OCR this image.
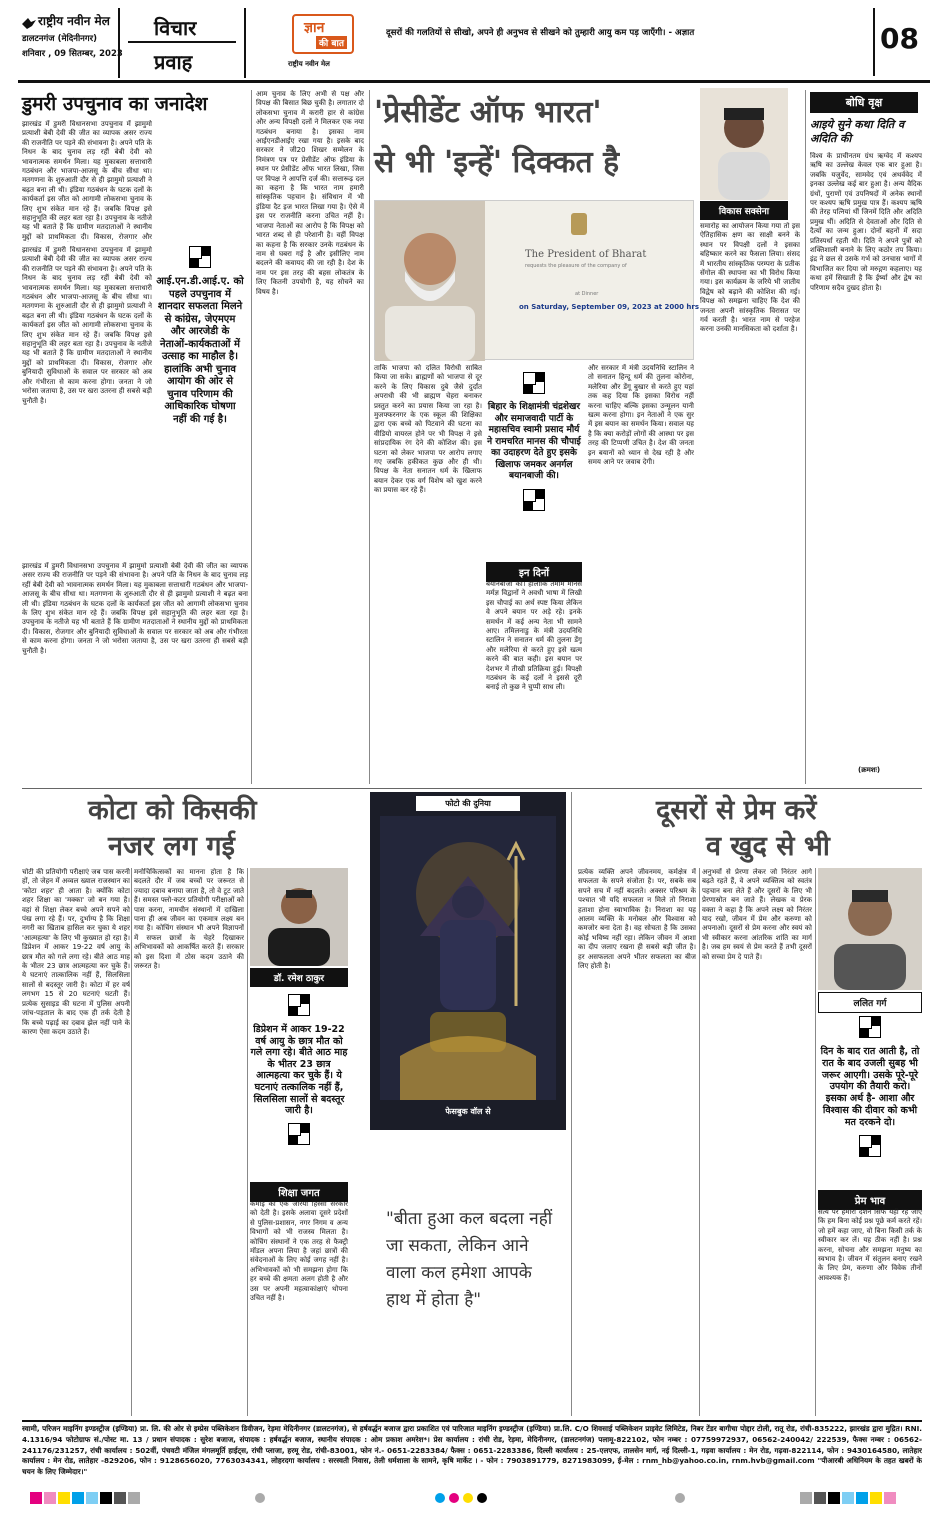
राष्ट्रीय नवीन मेल
डालटनगंज (मेदिनीनगर)
शनिवार , 09 सितम्बर, 2023
विचार
प्रवाह
ज्ञान
की बात
राष्ट्रीय नवीन मेल
दूसरों की गलतियों से सीखो, अपने ही अनुभव से सीखने को तुम्हारी आयु कम पड़ जाएँगी। - अज्ञात	08
डुमरी उपचुनाव का जनादेश
झारखंड में डुमरी विधानसभा उपचुनाव में झामुमो प्रत्याशी बेबी देवी की जीत का व्यापक असर राज्य की राजनीति पर पड़ने की संभावना है। अपने पति के निधन के बाद चुनाव लड़ रहीं बेबी देवी को भावनात्मक समर्थन मिला। यह मुकाबला सत्ताधारी गठबंधन और भाजपा-आजसू के बीच सीधा था। मतगणना के शुरुआती दौर से ही झामुमो प्रत्याशी ने बढ़त बना ली थी। इंडिया गठबंधन के घटक दलों के कार्यकर्ता इस जीत को आगामी लोकसभा चुनाव के लिए शुभ संकेत मान रहे हैं। जबकि विपक्ष इसे सहानुभूति की लहर बता रहा है। उपचुनाव के नतीजे यह भी बताते हैं कि ग्रामीण मतदाताओं ने स्थानीय मुद्दों को प्राथमिकता दी। विकास, रोजगार और
आई.एन.डी.आई.ए. को पहले उपचुनाव में शानदार सफलता मिलने से कांग्रेस, जेएमएम और आरजेडी के नेताओं-कार्यकताओं में उत्साह का माहौल है। हालांकि अभी चुनाव आयोग की ओर से चुनाव परिणाम की आधिकारिक घोषणा नहीं की गई है।
झारखंड में डुमरी विधानसभा उपचुनाव में झामुमो प्रत्याशी बेबी देवी की जीत का व्यापक असर राज्य की राजनीति पर पड़ने की संभावना है। अपने पति के निधन के बाद चुनाव लड़ रहीं बेबी देवी को भावनात्मक समर्थन मिला। यह मुकाबला सत्ताधारी गठबंधन और भाजपा-आजसू के बीच सीधा था। मतगणना के शुरुआती दौर से ही झामुमो प्रत्याशी ने बढ़त बना ली थी। इंडिया गठबंधन के घटक दलों के कार्यकर्ता इस जीत को आगामी लोकसभा चुनाव के लिए शुभ संकेत मान रहे हैं। जबकि विपक्ष इसे सहानुभूति की लहर बता रहा है। उपचुनाव के नतीजे यह भी बताते हैं कि ग्रामीण मतदाताओं ने स्थानीय मुद्दों को प्राथमिकता दी। विकास, रोजगार और बुनियादी सुविधाओं के सवाल पर सरकार को अब और गंभीरता से काम करना होगा। जनता ने जो भरोसा जताया है, उस पर खरा उतरना ही सबसे बड़ी चुनौती है।
झारखंड में डुमरी विधानसभा उपचुनाव में झामुमो प्रत्याशी बेबी देवी की जीत का व्यापक असर राज्य की राजनीति पर पड़ने की संभावना है। अपने पति के निधन के बाद चुनाव लड़ रहीं बेबी देवी को भावनात्मक समर्थन मिला। यह मुकाबला सत्ताधारी गठबंधन और भाजपा-आजसू के बीच सीधा था। मतगणना के शुरुआती दौर से ही झामुमो प्रत्याशी ने बढ़त बना ली थी। इंडिया गठबंधन के घटक दलों के कार्यकर्ता इस जीत को आगामी लोकसभा चुनाव के लिए शुभ संकेत मान रहे हैं। जबकि विपक्ष इसे सहानुभूति की लहर बता रहा है। उपचुनाव के नतीजे यह भी बताते हैं कि ग्रामीण मतदाताओं ने स्थानीय मुद्दों को प्राथमिकता दी। विकास, रोजगार और बुनियादी सुविधाओं के सवाल पर सरकार को अब और गंभीरता से काम करना होगा। जनता ने जो भरोसा जताया है, उस पर खरा उतरना ही सबसे बड़ी चुनौती है।
आम चुनाव के लिए अभी से पक्ष और विपक्ष की बिसात बिछ चुकी है। लगातार दो लोकसभा चुनाव में करारी हार से कांग्रेस और अन्य विपक्षी दलों ने मिलकर एक नया गठबंधन बनाया है। इसका नाम आईएनडीआईए रखा गया है। इसके बाद सरकार ने जी20 शिखर सम्मेलन के निमंत्रण पत्र पर प्रेसीडेंट ऑफ इंडिया के स्थान पर प्रेसीडेंट ऑफ भारत लिखा, जिस पर विपक्ष ने आपत्ति दर्ज की। सत्तारूढ़ दल का कहना है कि भारत नाम हमारी सांस्कृतिक पहचान है। संविधान में भी इंडिया दैट इज भारत लिखा गया है। ऐसे में इस पर राजनीति करना उचित नहीं है। भाजपा नेताओं का आरोप है कि विपक्ष को भारत शब्द से ही परेशानी है। वहीं विपक्ष का कहना है कि सरकार उनके गठबंधन के नाम से घबरा गई है और इसीलिए नाम बदलने की कवायद की जा रही है। देश के नाम पर इस तरह की बहस लोकतंत्र के लिए कितनी उपयोगी है, यह सोचने का विषय है।
'प्रेसीडेंट ऑफ भारत'
से भी 'इन्हें' दिक्कत है
विकास सक्सेना
The President of Bharat
requests the pleasure of the company of
at Dinner
on Saturday, September 09, 2023 at 2000 hrs
ताकि भाजपा को दलित विरोधी साबित किया जा सके। ब्राह्मणों को भाजपा से दूर करने के लिए विकास दुबे जैसे दुर्दांत अपराधी की भी ब्राह्मण चेहरा बनाकर प्रस्तुत करने का प्रयास किया जा रहा है। मुजफ्फरनगर के एक स्कूल की शिक्षिका द्वारा एक बच्चे को पिटवाने की घटना का वीडियो वायरल होने पर भी विपक्ष ने इसे सांप्रदायिक रंग देने की कोशिश की। इस घटना को लेकर भाजपा पर आरोप लगाए गए जबकि हकीकत कुछ और ही थी। विपक्ष के नेता सनातन धर्म के खिलाफ बयान देकर एक वर्ग विशेष को खुश करने का प्रयास कर रहे हैं।
बिहार के शिक्षामंत्री चंद्रशेखर और समाजवादी पार्टी के महासचिव स्वामी प्रसाद मौर्य ने रामचरित मानस की चौपाई का उदाहरण देते हुए इसके खिलाफ जमकर अनर्गल बयानबाजी की।
इन दिनों
बयानबाजी की। हालांकि तमाम मानस मर्मज्ञ विद्वानों ने अवधी भाषा में लिखी इस चौपाई का अर्थ स्पष्ट किया लेकिन वे अपने बयान पर अड़े रहे। इनके समर्थन में कई अन्य नेता भी सामने आए। तमिलनाडु के मंत्री उदयनिधि स्टालिन ने सनातन धर्म की तुलना डेंगू और मलेरिया से करते हुए इसे खत्म करने की बात कही। इस बयान पर देशभर में तीखी प्रतिक्रिया हुई। विपक्षी गठबंधन के कई दलों ने इससे दूरी बनाई तो कुछ ने चुप्पी साध ली।
और सरकार में मंत्री उदयनिधि स्टालिन ने तो सनातन हिन्दू धर्म की तुलना कोरोना, मलेरिया और डेंगू बुखार से करते हुए यहां तक कह दिया कि इसका विरोध नहीं करना चाहिए बल्कि इसका उन्मूलन यानी खत्म करना होगा। इन नेताओं ने एक सुर में इस बयान का समर्थन किया। सवाल यह है कि क्या करोड़ों लोगों की आस्था पर इस तरह की टिप्पणी उचित है। देश की जनता इन बयानों को ध्यान से देख रही है और समय आने पर जवाब देगी।
समारोह का आयोजन किया गया तो इस ऐतिहासिक क्षण का साक्षी बनने के स्थान पर विपक्षी दलों ने इसका बहिष्कार करने का फैसला लिया। संसद में भारतीय सांस्कृतिक परम्परा के प्रतीक सेंगोल की स्थापना का भी विरोध किया गया। इस कार्यक्रम के जरिये भी जातीय विद्वेष को बढ़ाने की कोशिश की गई। विपक्ष को समझना चाहिए कि देश की जनता अपनी सांस्कृतिक विरासत पर गर्व करती है। भारत नाम से परहेज करना उनकी मानसिकता को दर्शाता है।
बोधि वृक्ष
आइये सुने कथा दिति व अदिति की
विश्व के प्राचीनतम ग्रंथ ऋग्वेद में कश्यप ऋषि का उल्लेख केवल एक बार हुआ है। जबकि यजुर्वेद, सामवेद एवं अथर्ववेद में इनका उल्लेख कई बार हुआ है। अन्य वैदिक ग्रंथों, पुराणों एवं उपनिषदों में अनेक स्थानों पर कश्यप ऋषि प्रमुख पात्र हैं। कश्यप ऋषि की तेरह पत्नियां थीं जिनमें दिति और अदिति प्रमुख थीं। अदिति से देवताओं और दिति से दैत्यों का जन्म हुआ। दोनों बहनों में सदा प्रतिस्पर्धा रहती थी। दिति ने अपने पुत्रों को शक्तिशाली बनाने के लिए कठोर तप किया। इंद्र ने छल से उसके गर्भ को उनचास भागों में विभाजित कर दिया जो मरुद्गण कहलाए। यह कथा हमें सिखाती है कि ईर्ष्या और द्वेष का परिणाम सदैव दुखद होता है।
(क्रमशः)
कोटा को किसकी
नजर लग गई
चोटी की प्रतियोगी परीक्षाएं जब पास करनी हों, तो जेहन में अव्वल ख्याल राजस्थान का 'कोटा शहर' ही आता है। क्योंकि कोटा शहर शिक्षा का 'मक्का' जो बन गया है। वहां से शिक्षा लेकर बच्चे अपने सपने को पंख लगा रहे हैं। पर, दुर्भाग्य है कि शिक्षा नगरी का खिताब हासिल कर चुका ये शहर 'आत्महत्या' के लिए भी कुख्यात हो रहा है। डिप्रेशन में आकर 19-22 वर्ष आयु के छात्र मौत को गले लगा रहे। बीते आठ माह के भीतर 23 छात्र आत्महत्या कर चुके हैं। ये घटनाएं तात्कालिक नहीं हैं, सिलसिला सालों से बदस्तूर जारी है। कोटा में हर वर्ष लगभग 15 से 20 घटनाएं घटती हैं। प्रत्येक सुसाइड की घटना में पुलिस अपनी जांच-पड़ताल के बाद एक ही तर्क देती है कि बच्चे पढ़ाई का दबाव झेल नहीं पाने के कारण ऐसा कदम उठाते हैं।
मनोचिकित्सकों का मानना होता है कि बदलते दौर में जब बच्चों पर जरूरत से ज्यादा दबाव बनाया जाता है, तो वे टूट जाते हैं। समस्त फ्लो-कटर प्रतियोगी परीक्षाओं को पास करना, नामचीन संस्थानों में दाखिला पाना ही अब जीवन का एकमात्र लक्ष्य बन गया है। कोचिंग संस्थान भी अपने विज्ञापनों में सफल छात्रों के चेहरे दिखाकर अभिभावकों को आकर्षित करते हैं। सरकार को इस दिशा में ठोस कदम उठाने की जरूरत है।
डॉ. रमेश ठाकुर
डिप्रेशन में आकर 19-22 वर्ष आयु के छात्र मौत को गले लगा रहे। बीते आठ माह के भीतर 23 छात्र आत्महत्या कर चुके हैं। ये घटनाएं तत्कालिक नहीं हैं, सिलसिला सालों से बदस्तूर जारी है।
शिक्षा जगत
कमाई का एक जरिया हिस्सा सरकार को देती है। इसके अलावा दूसरे प्रदेशों से पुलिस-प्रशासन, नगर निगम व अन्य विभागों को भी राजस्व मिलता है। कोचिंग संस्थानों ने एक तरह से फैक्ट्री मॉडल अपना लिया है जहां छात्रों की संवेदनाओं के लिए कोई जगह नहीं है। अभिभावकों को भी समझना होगा कि हर बच्चे की क्षमता अलग होती है और उस पर अपनी महत्वाकांक्षाएं थोपना उचित नहीं है।
फोटो की दुनिया
फेसबुक वॉल से
"बीता हुआ कल बदला नहीं जा सकता, लेकिन आने वाला कल हमेशा आपके हाथ में होता है"
दूसरों से प्रेम करें
व खुद से भी
प्रत्येक व्यक्ति अपने जीवनमय, कर्मक्षेत्र में सफलता के सपने संजोता है। पर, सबके सब सपने सच में नहीं बदलते। अक्सर परिश्रम के पश्चात भी यदि सफलता न मिले तो निराशा हताशा होना स्वाभाविक है। निराशा का यह आलम व्यक्ति के मनोबल और विश्वास को कमजोर बना देता है। वह सोचता है कि उसका कोई भविष्य नहीं रहा। लेकिन जीवन में आशा का दीप जलाए रखना ही सबसे बड़ी जीत है। हर असफलता अपने भीतर सफलता का बीज लिए होती है।
अनुभवों से प्रेरणा लेकर जो निरंतर आगे बढ़ते रहते हैं, वे अपने व्यक्तित्व को स्वतंत्र पहचान बना लेते हैं और दूसरों के लिए भी प्रेरणास्रोत बन जाते हैं। लेखक व प्रेरक वक्ता ने कहा है कि अपने लक्ष्य को निरंतर याद रखो, जीवन में प्रेम और करुणा को अपनाओ। दूसरों से प्रेम करना और स्वयं को भी स्वीकार करना आंतरिक शांति का मार्ग है। जब हम स्वयं से प्रेम करते हैं तभी दूसरों को सच्चा प्रेम दे पाते हैं।
ललित गर्ग
दिन के बाद रात आती है, तो रात के बाद उजली सुबह भी जरूर आएगी। उसके पूरे-पूरे उपयोग की तैयारी करो। इसका अर्थ है- आशा और विश्वास की दीवार को कभी मत दरकने दो।
प्रेम भाव
सत्य पर हमारा दर्शन सिर्फ यही रह जाए कि हम बिना कोई प्रश्न पूछे कर्म करते रहें। जो हमें कहा जाए, वो बिना किसी तर्क के स्वीकार कर लें। यह ठीक नहीं है। प्रश्न करना, सोचना और समझना मनुष्य का स्वभाव है। जीवन में संतुलन बनाए रखने के लिए प्रेम, करुणा और विवेक तीनों आवश्यक हैं।
स्वामी, परिजन माइनिंग इण्डस्ट्रीज (इण्डिया) प्रा. लि. की ओर से इम्प्रेस पब्लिकेशन डिवीजन, रेड़मा मेदिनीनगर (डालटनगंज), से हर्षवर्द्धन बजाज द्वारा प्रकाशित एवं पारिजात माइनिंग इण्डस्ट्रीज (इण्डिया) प्रा.लि. C/O शिवसाई पब्लिकेशन प्राइवेट लिमिटेड, निबर टेंडर बागीचा पोद्दार टोली, रातू रोड, रांची-835222, झारखंड द्वारा मुद्रित। RNI. 4.1316/94 फोटोग्राफ सं./पोस्ट मा. 13 / प्रधान संपादक : सुरेश बजाज, संपादक : हर्षवर्द्धन बजाज, स्थानीय संपादक : ओम प्रकाश अमरेश*। प्रेस कार्यालय : रांची रोड, रेड़मा, मेदिनीनगर, (डालटनगंज) पलामू-822102, फोन नम्बर : 07759972937, 06562-240042/ 222539, फैक्स नम्बर : 06562-241176/231257, रांची कार्यालय : 502वीं, पंचवटी मंजिल मंगलमूर्ति हाईट्स, रांची प्लाजा, हरमू रोड, रांची-83001, फोन नं.- 0651-2283384/ फैक्स : 0651-2283386, दिल्ली कार्यालय : 25-एलएफ, तालसेन मार्ग, नई दिल्ली-1, गढ़वा कार्यालय : मेन रोड, गढ़वा-822114, फोन : 9430164580, लातेहार कार्यालय : मेन रोड, लातेहार -829206, फोन : 9128656020, 7763034341, लोहरदगा कार्यालय : सरस्वती निवास, तेली धर्मशाला के सामने, कृषि मार्केट । - फोन : 7903891779, 8271983099, ई-मेल : rnm_hb@yahoo.co.in, rnm.hvb@gmail.com "पीआरबी अधिनियम के तहत खबरों के चयन के लिए जिम्मेदार।"
